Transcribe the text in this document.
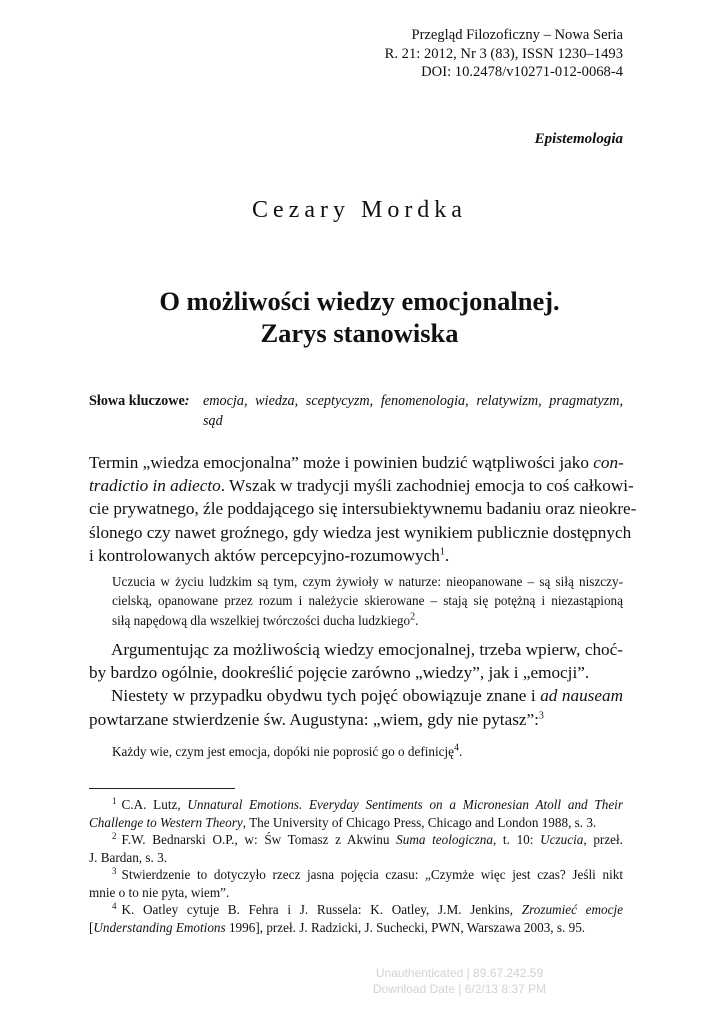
Przegląd Filozoficzny – Nowa Seria
R. 21: 2012, Nr 3 (83), ISSN 1230–1493
DOI: 10.2478/v10271-012-0068-4
Epistemologia
Cezary Mordka
O możliwości wiedzy emocjonalnej.
Zarys stanowiska
Słowa kluczowe: emocja, wiedza, sceptycyzm, fenomenologia, relatywizm, pragmatyzm, sąd
Termin „wiedza emocjonalna” może i powinien budzić wątpliwości jako con-
tradictio in adiecto. Wszak w tradycji myśli zachodniej emocja to coś całkowi-
cie prywatnego, źle poddającego się intersubiektywnemu badaniu oraz nieokre-
ślonego czy nawet groźnego, gdy wiedza jest wynikiem publicznie dostępnych
i kontrolowanych aktów percepcyjno-rozumowych$^1$.
Uczucia w życiu ludzkim są tym, czym żywioły w naturze: nieopanowane – są siłą niszczy-
cielską, opanowane przez rozum i należycie skierowane – stają się potężną i niezastąpioną
siłą napędową dla wszelkiej twórczości ducha ludzkiego$^2$.
Argumentując za możliwością wiedzy emocjonalnej, trzeba wpierw, choć-
by bardzo ogólnie, dookreślić pojęcie zarówno „wiedzy”, jak i „emocji”.
Niestety w przypadku obydwu tych pojęć obowiązuje znane i ad nauseam
powtarzane stwierdzenie św. Augustyna: „wiem, gdy nie pytasz”:$^3$
Każdy wie, czym jest emocja, dopóki nie poprosić go o definicję$^4$.
$^1$ C.A. Lutz, Unnatural Emotions. Everyday Sentiments on a Micronesian Atoll and Their
Challenge to Western Theory, The University of Chicago Press, Chicago and London 1988, s. 3.
$^2$ F.W. Bednarski O.P., w: Św Tomasz z Akwinu Suma teologiczna, t. 10: Uczucia, przeł.
J. Bardan, s. 3.
$^3$ Stwierdzenie to dotyczyło rzecz jasna pojęcia czasu: „Czymże więc jest czas? Jeśli nikt
mnie o to nie pyta, wiem”.
$^4$ K. Oatley cytuje B. Fehra i J. Russela: K. Oatley, J.M. Jenkins, Zrozumieć emocje
[Understanding Emotions 1996], przeł. J. Radzicki, J. Suchecki, PWN, Warszawa 2003, s. 95.
Unauthenticated | 89.67.242.59
Download Date | 6/2/13 8:37 PM
